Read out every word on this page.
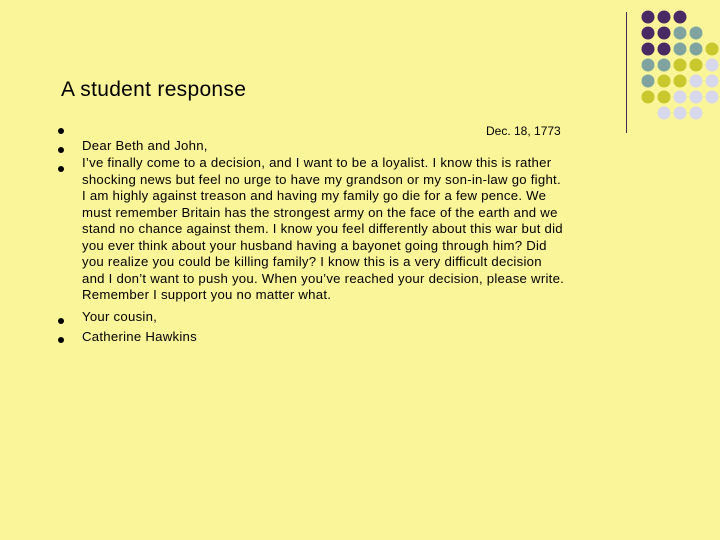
A student response
Dec. 18, 1773
Dear Beth and John,
I’ve finally come to a decision, and I want to be a loyalist. I know this is rather
shocking news but feel no urge to have my grandson or my son-in-law go fight.
I am highly against treason and having my family go die for a few pence. We
must remember Britain has the strongest army on the face of the earth and we
stand no chance against them. I know you feel differently about this war but did
you ever think about your husband having a bayonet going through him? Did
you realize you could be killing family? I know this is a very difficult decision
and I don’t want to push you. When you’ve reached your decision, please write.
Remember I support you no matter what.
Your cousin,
Catherine Hawkins
